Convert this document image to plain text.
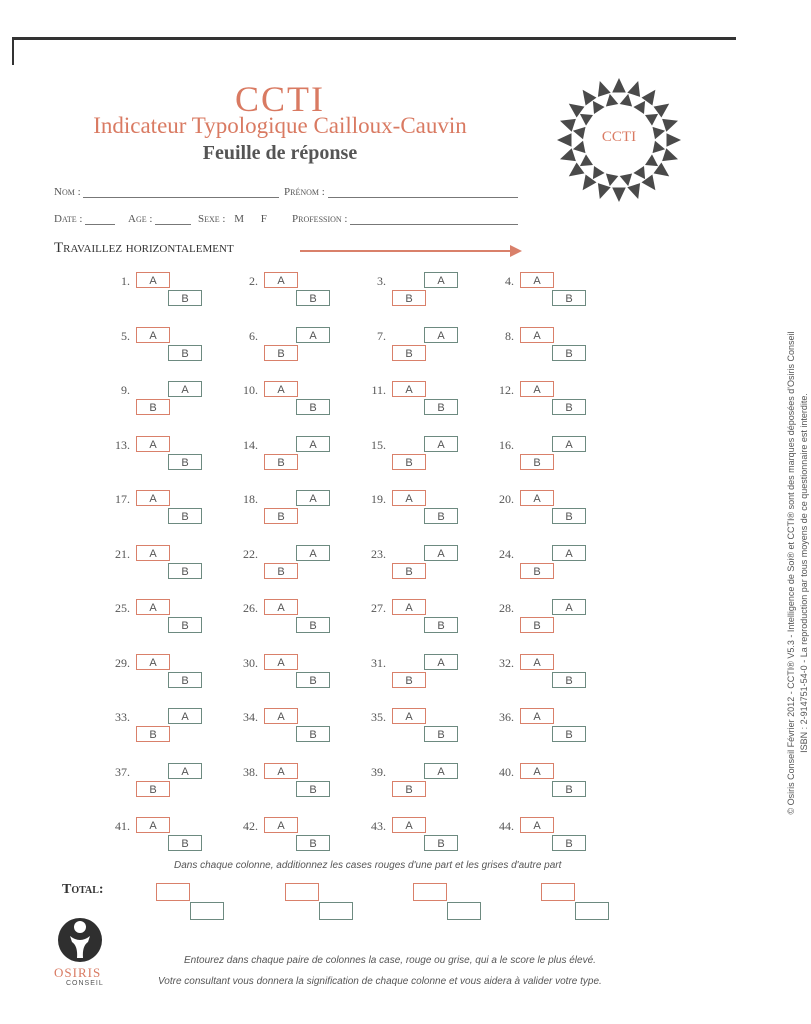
CCTI
Indicateur Typologique Cailloux-Cauvin
Feuille de réponse
CCTI
Nom :	Prénom :
Date :	Age :	Sexe : M F Profession :
Travaillez horizontalement
1.	A
B
2.	A
B
3.	A
B
4.	A
B
5.	A
B
6.	A
B
7.	A
B
8.	A
B
9.	A
B
10.	A
B
11.	A
B
12.	A
B
13.	A
B
14.	A
B
15.	A
B
16.	A
B
17.	A
B
18.	A
B
19.	A
B
20.	A
B
21.	A
B
22.	A
B
23.	A
B
24.	A
B
25.	A
B
26.	A
B
27.	A
B
28.	A
B
29.	A
B
30.	A
B
31.	A
B
32.	A
B
33.	A
B
34.	A
B
35.	A
B
36.	A
B
37.	A
B
38.	A
B
39.	A
B
40.	A
B
41.	A
B
42.	A
B
43.	A
B
44.	A
B
Dans chaque colonne, additionnez les cases rouges d'une part et les grises d'autre part
Total:
OSIRIS
CONSEIL
Entourez dans chaque paire de colonnes la case, rouge ou grise, qui a le score le plus élevé.
Votre consultant vous donnera la signification de chaque colonne et vous aidera à valider votre type.
© Osiris Conseil Février 2012 - CCTI® V5.3 - Intelligence de Soi® et CCTI® sont des marques déposées d'Osiris Conseil ISBN : 2-914751-54-0 - La reproduction par tous moyens de ce questionnaire est interdite.
